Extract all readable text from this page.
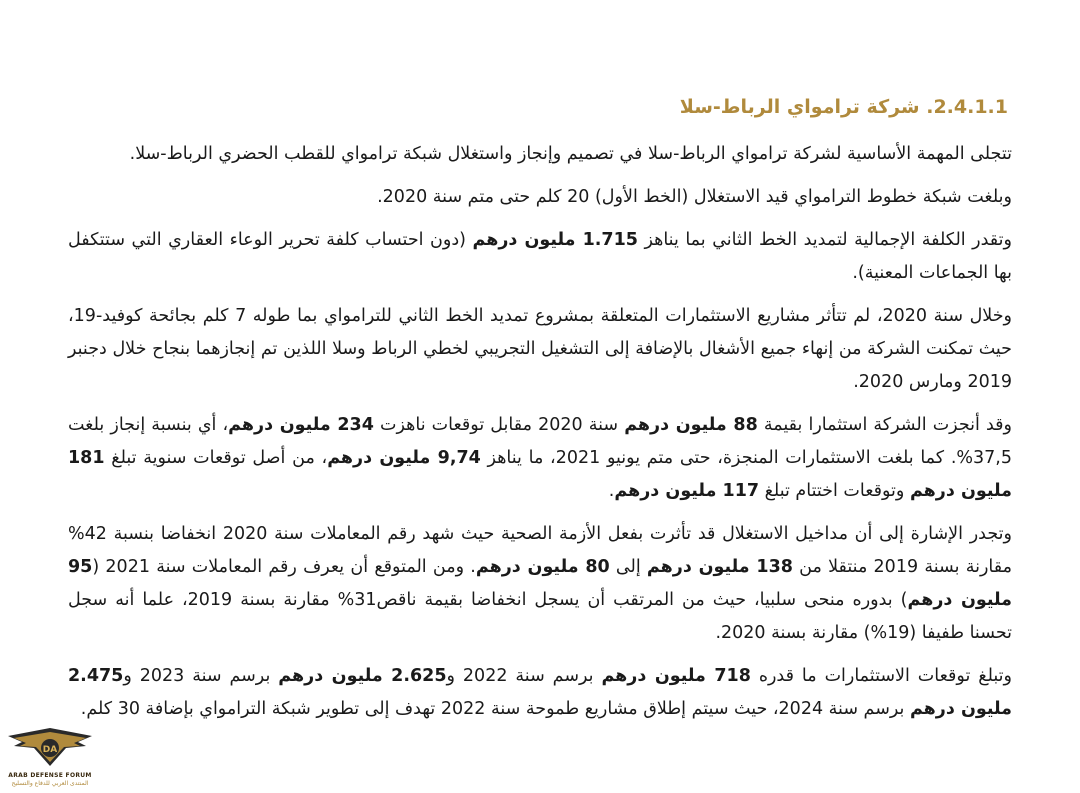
2.4.1.1. شركة ترامواي الرباط-سلا

تتجلى المهمة الأساسية لشركة ترامواي الرباط-سلا في تصميم وإنجاز واستغلال شبكة ترامواي للقطب الحضري الرباط-سلا.

وبلغت شبكة خطوط الترامواي قيد الاستغلال (الخط الأول) 20 كلم حتى متم سنة 2020.

وتقدر الكلفة الإجمالية لتمديد الخط الثاني بما يناهز 1.715 مليون درهم (دون احتساب كلفة تحرير الوعاء العقاري التي ستتكفل بها الجماعات المعنية).

وخلال سنة 2020، لم تتأثر مشاريع الاستثمارات المتعلقة بمشروع تمديد الخط الثاني للترامواي بما طوله 7 كلم بجائحة كوفيد-19، حيث تمكنت الشركة من إنهاء جميع الأشغال بالإضافة إلى التشغيل التجريبي لخطي الرباط وسلا اللذين تم إنجازهما بنجاح خلال دجنبر 2019 ومارس 2020.

وقد أنجزت الشركة استثمارا بقيمة 88 مليون درهم سنة 2020 مقابل توقعات ناهزت 234 مليون درهم، أي بنسبة إنجاز بلغت 37,5%. كما بلغت الاستثمارات المنجزة، حتى متم يونيو 2021، ما يناهز 9,74 مليون درهم، من أصل توقعات سنوية تبلغ 181 مليون درهم وتوقعات اختتام تبلغ 117 مليون درهم.

وتجدر الإشارة إلى أن مداخيل الاستغلال قد تأثرت بفعل الأزمة الصحية حيث شهد رقم المعاملات سنة 2020 انخفاضا بنسبة 42% مقارنة بسنة 2019 منتقلا من 138 مليون درهم إلى 80 مليون درهم. ومن المتوقع أن يعرف رقم المعاملات سنة 2021 (95 مليون درهم) بدوره منحى سلبيا، حيث من المرتقب أن يسجل انخفاضا بقيمة ناقص31% مقارنة بسنة 2019، علما أنه سجل تحسنا طفيفا (19%) مقارنة بسنة 2020.

وتبلغ توقعات الاستثمارات ما قدره 718 مليون درهم برسم سنة 2022 و2.625 مليون درهم برسم سنة 2023 و2.475 مليون درهم برسم سنة 2024، حيث سيتم إطلاق مشاريع طموحة سنة 2022 تهدف إلى تطوير شبكة الترامواي بإضافة 30 كلم.

DA
ARAB DEFENSE FORUM
المنتدى العربي للدفاع والتسليح
